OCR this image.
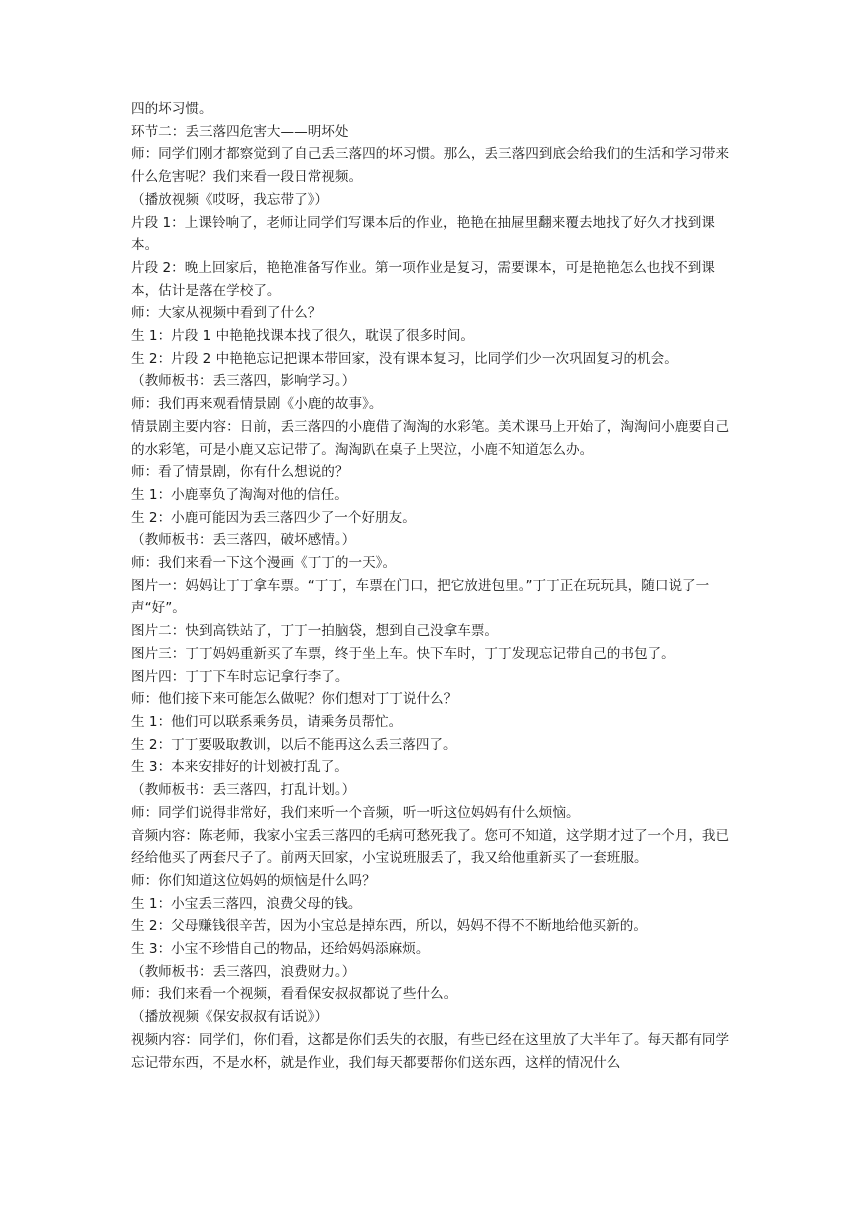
四的坏习惯。

环节二：丢三落四危害大——明坏处

师：同学们刚才都察觉到了自己丢三落四的坏习惯。那么，丢三落四到底会给我们的生活和学习带来什么危害呢？我们来看一段日常视频。

（播放视频《哎呀，我忘带了》）

片段 1：上课铃响了，老师让同学们写课本后的作业，艳艳在抽屉里翻来覆去地找了好久才找到课本。

片段 2：晚上回家后，艳艳准备写作业。第一项作业是复习，需要课本，可是艳艳怎么也找不到课本，估计是落在学校了。

师：大家从视频中看到了什么？

生 1：片段 1 中艳艳找课本找了很久，耽误了很多时间。

生 2：片段 2 中艳艳忘记把课本带回家，没有课本复习，比同学们少一次巩固复习的机会。

（教师板书：丢三落四，影响学习。）

师：我们再来观看情景剧《小鹿的故事》。

情景剧主要内容：日前，丢三落四的小鹿借了淘淘的水彩笔。美术课马上开始了，淘淘问小鹿要自己的水彩笔，可是小鹿又忘记带了。淘淘趴在桌子上哭泣，小鹿不知道怎么办。

师：看了情景剧，你有什么想说的？

生 1：小鹿辜负了淘淘对他的信任。

生 2：小鹿可能因为丢三落四少了一个好朋友。

（教师板书：丢三落四，破坏感情。）

师：我们来看一下这个漫画《丁丁的一天》。

图片一：妈妈让丁丁拿车票。“丁丁，车票在门口，把它放进包里。”丁丁正在玩玩具，随口说了一声“好”。

图片二：快到高铁站了，丁丁一拍脑袋，想到自己没拿车票。

图片三：丁丁妈妈重新买了车票，终于坐上车。快下车时，丁丁发现忘记带自己的书包了。

图片四：丁丁下车时忘记拿行李了。

师：他们接下来可能怎么做呢？你们想对丁丁说什么？

生 1：他们可以联系乘务员，请乘务员帮忙。

生 2：丁丁要吸取教训，以后不能再这么丢三落四了。

生 3：本来安排好的计划被打乱了。

（教师板书：丢三落四，打乱计划。）

师：同学们说得非常好，我们来听一个音频，听一听这位妈妈有什么烦恼。

音频内容：陈老师，我家小宝丢三落四的毛病可愁死我了。您可不知道，这学期才过了一个月，我已经给他买了两套尺子了。前两天回家，小宝说班服丢了，我又给他重新买了一套班服。

师：你们知道这位妈妈的烦恼是什么吗？

生 1：小宝丢三落四，浪费父母的钱。

生 2：父母赚钱很辛苦，因为小宝总是掉东西，所以，妈妈不得不不断地给他买新的。

生 3：小宝不珍惜自己的物品，还给妈妈添麻烦。

（教师板书：丢三落四，浪费财力。）

师：我们来看一个视频，看看保安叔叔都说了些什么。

（播放视频《保安叔叔有话说》）

视频内容：同学们，你们看，这都是你们丢失的衣服，有些已经在这里放了大半年了。每天都有同学忘记带东西，不是水杯，就是作业，我们每天都要帮你们送东西，这样的情况什么
